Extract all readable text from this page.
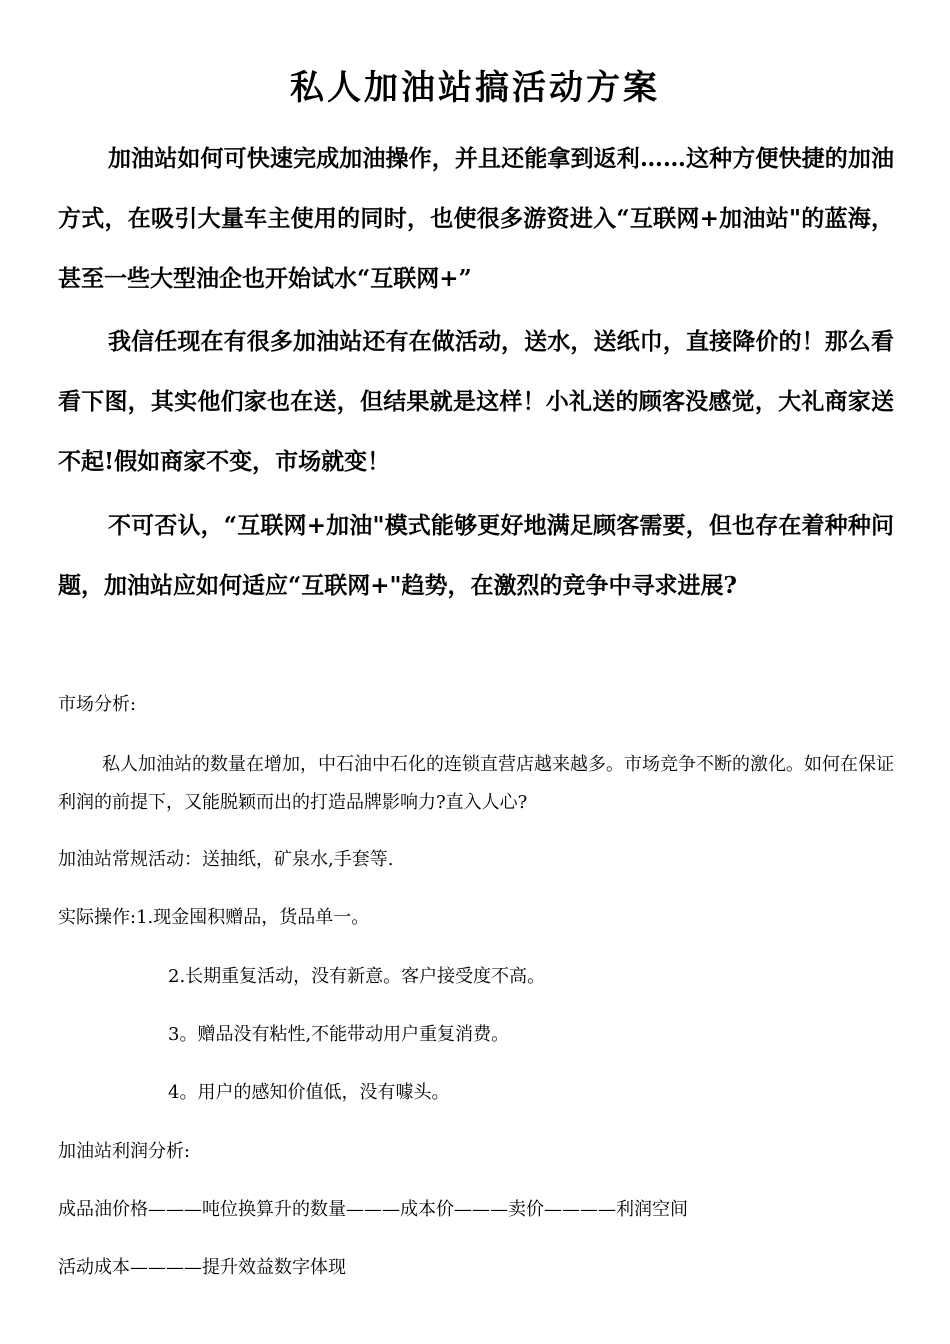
私人加油站搞活动方案

加油站如何可快速完成加油操作，并且还能拿到返利……这种方便快捷的加油方式，在吸引大量车主使用的同时，也使很多游资进入“互联网+加油站"的蓝海，甚至一些大型油企也开始试水“互联网+”

我信任现在有很多加油站还有在做活动，送水，送纸巾，直接降价的！那么看看下图，其实他们家也在送，但结果就是这样！小礼送的顾客没感觉，大礼商家送不起!假如商家不变，市场就变！

不可否认，“互联网+加油"模式能够更好地满足顾客需要，但也存在着种种问题，加油站应如何适应“互联网+"趋势，在激烈的竞争中寻求进展?

市场分析:

私人加油站的数量在增加，中石油中石化的连锁直营店越来越多。市场竞争不断的激化。如何在保证利润的前提下，又能脱颖而出的打造品牌影响力?直入人心?

加油站常规活动：送抽纸，矿泉水,手套等.
实际操作:1.现金囤积赠品，货品单一。
2.长期重复活动，没有新意。客户接受度不高。
3。赠品没有粘性,不能带动用户重复消费。
4。用户的感知价值低，没有噱头。
加油站利润分析:
成品油价格———吨位换算升的数量———成本价———卖价————利润空间
活动成本————提升效益数字体现
